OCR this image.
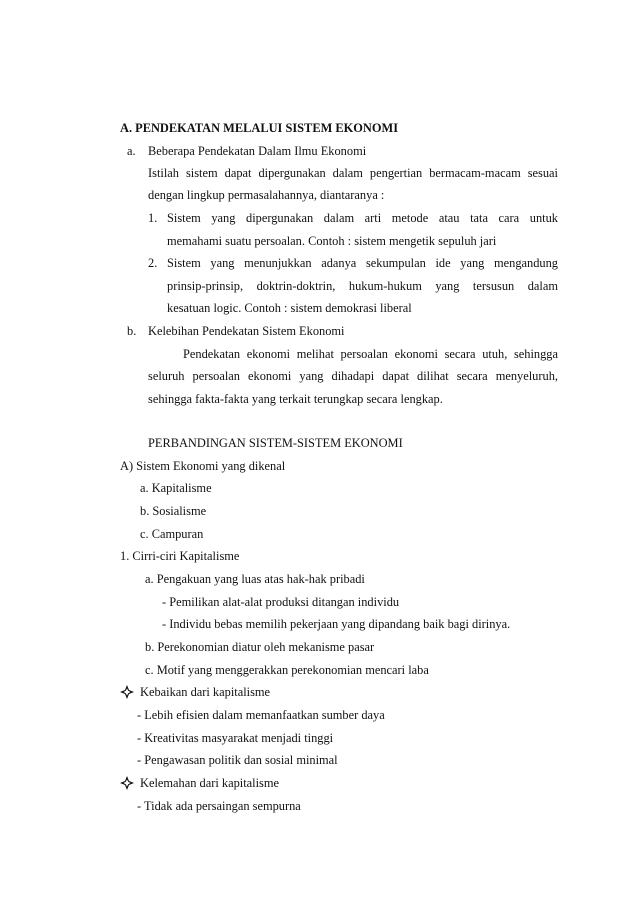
A. PENDEKATAN MELALUI SISTEM EKONOMI
a. Beberapa Pendekatan Dalam Ilmu Ekonomi
Istilah sistem dapat dipergunakan dalam pengertian bermacam-macam sesuai
dengan lingkup permasalahannya, diantaranya :
1. Sistem yang dipergunakan dalam arti metode atau tata cara untuk
memahami suatu persoalan. Contoh : sistem mengetik sepuluh jari
2. Sistem yang menunjukkan adanya sekumpulan ide yang mengandung
prinsip-prinsip, doktrin-doktrin, hukum-hukum yang tersusun dalam
kesatuan logic. Contoh : sistem demokrasi liberal
b. Kelebihan Pendekatan Sistem Ekonomi
Pendekatan ekonomi melihat persoalan ekonomi secara utuh, sehingga
seluruh persoalan ekonomi yang dihadapi dapat dilihat secara menyeluruh,
sehingga fakta-fakta yang terkait terungkap secara lengkap.
PERBANDINGAN SISTEM-SISTEM EKONOMI
A) Sistem Ekonomi yang dikenal
a. Kapitalisme
b. Sosialisme
c. Campuran
1. Cirri-ciri Kapitalisme
a. Pengakuan yang luas atas hak-hak pribadi
- Pemilikan alat-alat produksi ditangan individu
- Individu bebas memilih pekerjaan yang dipandang baik bagi dirinya.
b. Perekonomian diatur oleh mekanisme pasar
c. Motif yang menggerakkan perekonomian mencari laba
Kebaikan dari kapitalisme
- Lebih efisien dalam memanfaatkan sumber daya
- Kreativitas masyarakat menjadi tinggi
- Pengawasan politik dan sosial minimal
Kelemahan dari kapitalisme
- Tidak ada persaingan sempurna
